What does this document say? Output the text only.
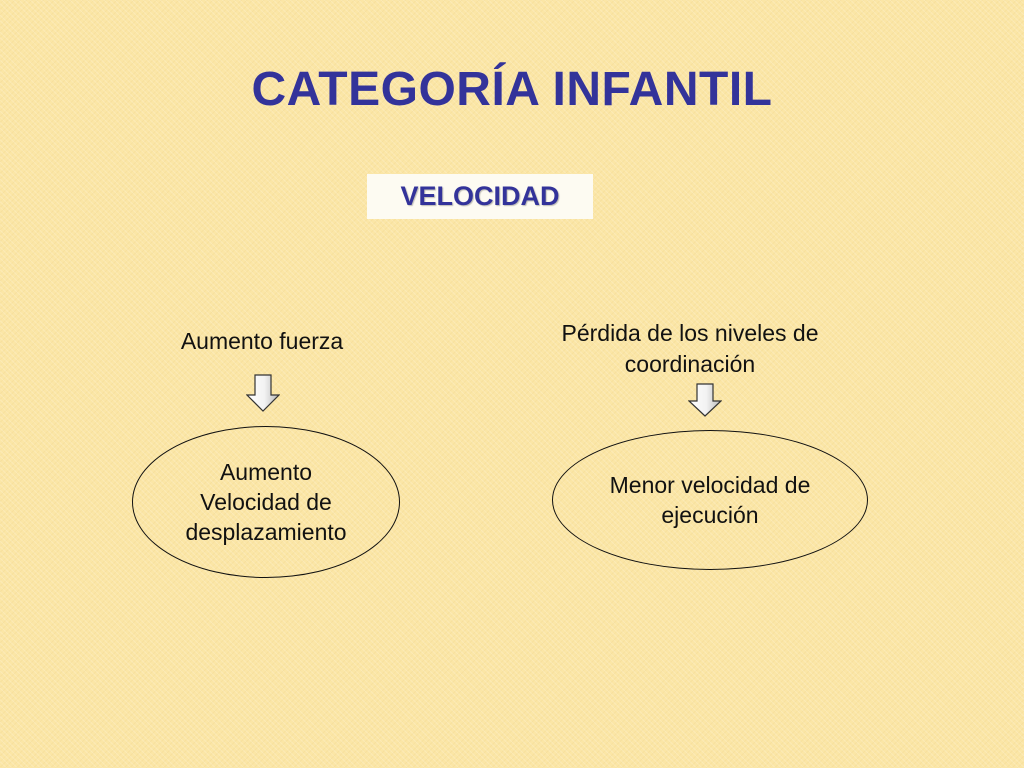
CATEGORÍA INFANTIL
VELOCIDAD
Aumento fuerza
Aumento
Velocidad de
desplazamiento
Pérdida de los niveles de
coordinación
Menor velocidad de
ejecución
